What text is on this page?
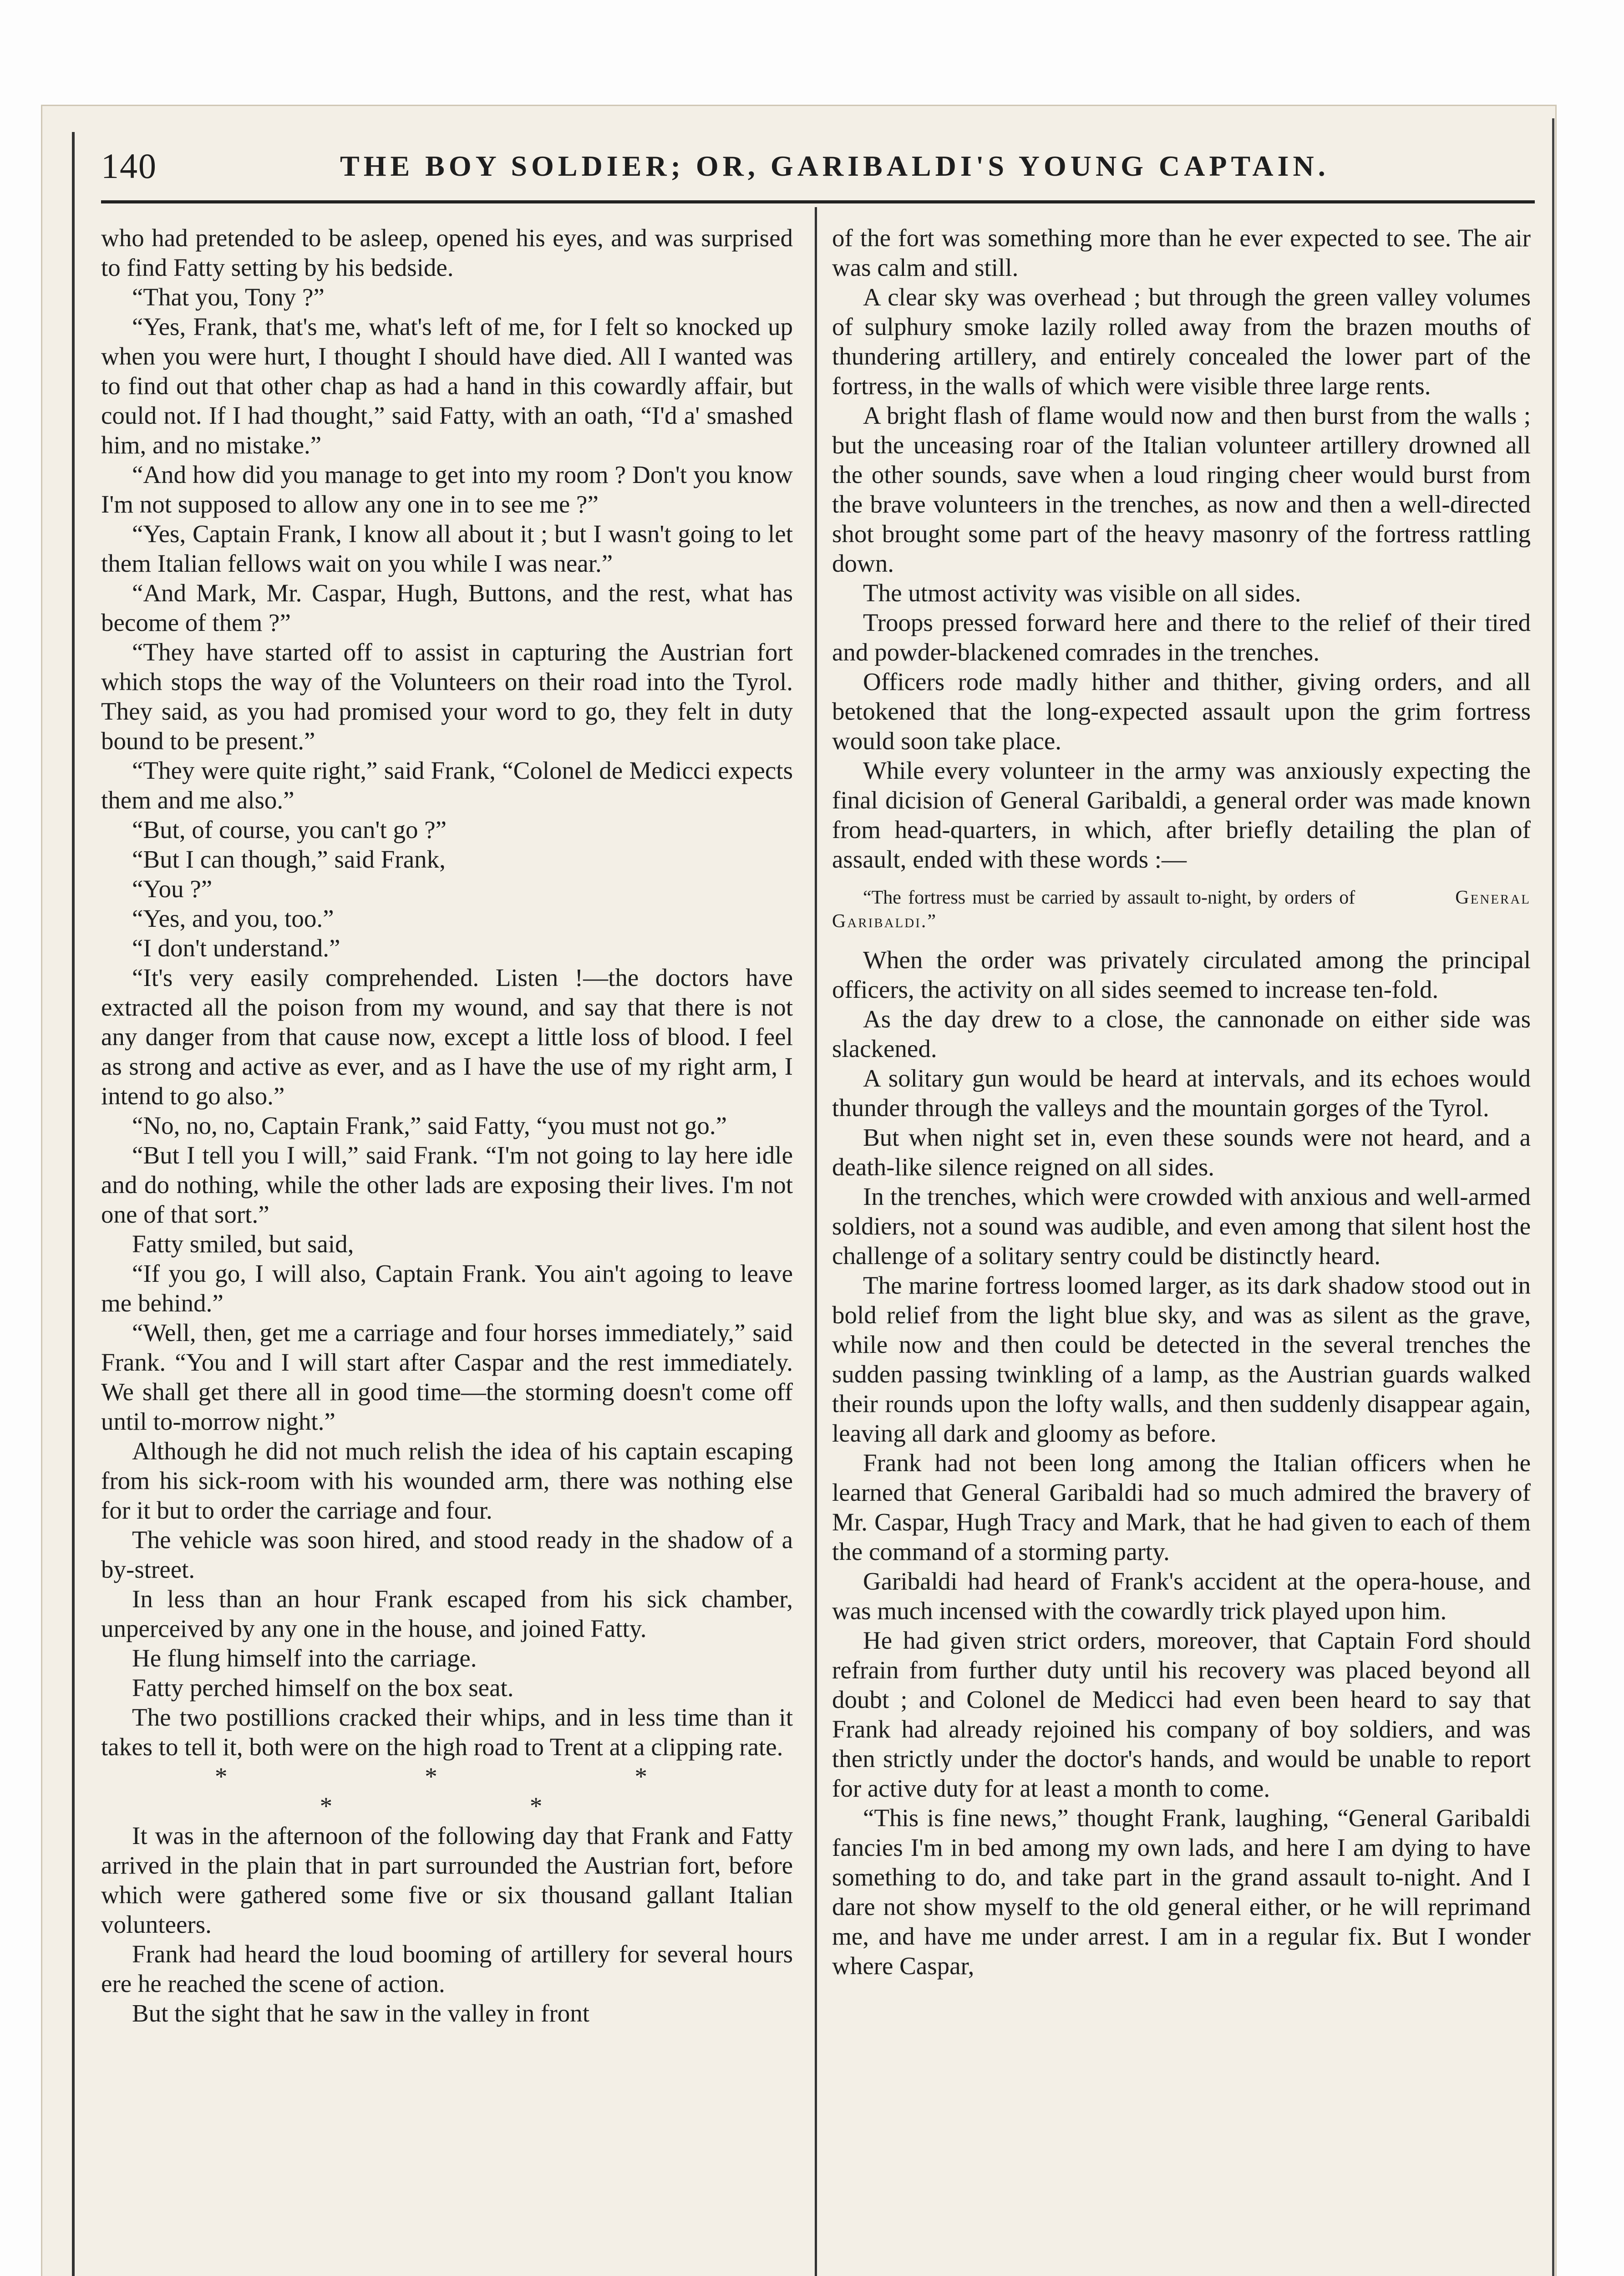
140	THE BOY SOLDIER; OR, GARIBALDI'S YOUNG CAPTAIN.

who had pretended to be asleep, opened his eyes, and was surprised to find Fatty setting by his bedside.

“That you, Tony ?”

“Yes, Frank, that's me, what's left of me, for I felt so knocked up when you were hurt, I thought I should have died. All I wanted was to find out that other chap as had a hand in this cowardly affair, but could not. If I had thought,” said Fatty, with an oath, “I'd a' smashed him, and no mistake.”

“And how did you manage to get into my room ? Don't you know I'm not supposed to allow any one in to see me ?”

“Yes, Captain Frank, I know all about it ; but I wasn't going to let them Italian fellows wait on you while I was near.”

“And Mark, Mr. Caspar, Hugh, Buttons, and the rest, what has become of them ?”

“They have started off to assist in capturing the Austrian fort which stops the way of the Volunteers on their road into the Tyrol. They said, as you had promised your word to go, they felt in duty bound to be present.”

“They were quite right,” said Frank, “Colonel de Medicci expects them and me also.”

“But, of course, you can't go ?”

“But I can though,” said Frank,

“You ?”

“Yes, and you, too.”

“I don't understand.”

“It's very easily comprehended. Listen !—the doctors have extracted all the poison from my wound, and say that there is not any danger from that cause now, except a little loss of blood. I feel as strong and active as ever, and as I have the use of my right arm, I intend to go also.”

“No, no, no, Captain Frank,” said Fatty, “you must not go.”

“But I tell you I will,” said Frank. “I'm not going to lay here idle and do nothing, while the other lads are exposing their lives. I'm not one of that sort.”

Fatty smiled, but said,

“If you go, I will also, Captain Frank. You ain't agoing to leave me behind.”

“Well, then, get me a carriage and four horses immediately,” said Frank. “You and I will start after Caspar and the rest immediately. We shall get there all in good time—the storming doesn't come off until to-morrow night.”

Although he did not much relish the idea of his captain escaping from his sick-room with his wounded arm, there was nothing else for it but to order the carriage and four.

The vehicle was soon hired, and stood ready in the shadow of a by-street.

In less than an hour Frank escaped from his sick chamber, unperceived by any one in the house, and joined Fatty.

He flung himself into the carriage.

Fatty perched himself on the box seat.

The two postillions cracked their whips, and in less time than it takes to tell it, both were on the high road to Trent at a clipping rate.

* * * * *

It was in the afternoon of the following day that Frank and Fatty arrived in the plain that in part surrounded the Austrian fort, before which were gathered some five or six thousand gallant Italian volunteers.

Frank had heard the loud booming of artillery for several hours ere he reached the scene of action.

But the sight that he saw in the valley in front

of the fort was something more than he ever expected to see. The air was calm and still.

A clear sky was overhead ; but through the green valley volumes of sulphury smoke lazily rolled away from the brazen mouths of thundering artillery, and entirely concealed the lower part of the fortress, in the walls of which were visible three large rents.

A bright flash of flame would now and then burst from the walls ; but the unceasing roar of the Italian volunteer artillery drowned all the other sounds, save when a loud ringing cheer would burst from the brave volunteers in the trenches, as now and then a well-directed shot brought some part of the heavy masonry of the fortress rattling down.

The utmost activity was visible on all sides.

Troops pressed forward here and there to the relief of their tired and powder-blackened comrades in the trenches.

Officers rode madly hither and thither, giving orders, and all betokened that the long-expected assault upon the grim fortress would soon take place.

While every volunteer in the army was anxiously expecting the final dicision of General Garibaldi, a general order was made known from head-quarters, in which, after briefly detailing the plan of assault, ended with these words :—

“The fortress must be carried by assault to-night, by orders of	General Garibaldi.”

When the order was privately circulated among the principal officers, the activity on all sides seemed to increase ten-fold.

As the day drew to a close, the cannonade on either side was slackened.

A solitary gun would be heard at intervals, and its echoes would thunder through the valleys and the mountain gorges of the Tyrol.

But when night set in, even these sounds were not heard, and a death-like silence reigned on all sides.

In the trenches, which were crowded with anxious and well-armed soldiers, not a sound was audible, and even among that silent host the challenge of a solitary sentry could be distinctly heard.

The marine fortress loomed larger, as its dark shadow stood out in bold relief from the light blue sky, and was as silent as the grave, while now and then could be detected in the several trenches the sudden passing twinkling of a lamp, as the Austrian guards walked their rounds upon the lofty walls, and then suddenly disappear again, leaving all dark and gloomy as before.

Frank had not been long among the Italian officers when he learned that General Garibaldi had so much admired the bravery of Mr. Caspar, Hugh Tracy and Mark, that he had given to each of them the command of a storming party.

Garibaldi had heard of Frank's accident at the opera-house, and was much incensed with the cowardly trick played upon him.

He had given strict orders, moreover, that Captain Ford should refrain from further duty until his recovery was placed beyond all doubt ; and Colonel de Medicci had even been heard to say that Frank had already rejoined his company of boy soldiers, and was then strictly under the doctor's hands, and would be unable to report for active duty for at least a month to come.

“This is fine news,” thought Frank, laughing, “General Garibaldi fancies I'm in bed among my own lads, and here I am dying to have something to do, and take part in the grand assault to-night. And I dare not show myself to the old general either, or he will reprimand me, and have me under arrest. I am in a regular fix. But I wonder where Caspar,
